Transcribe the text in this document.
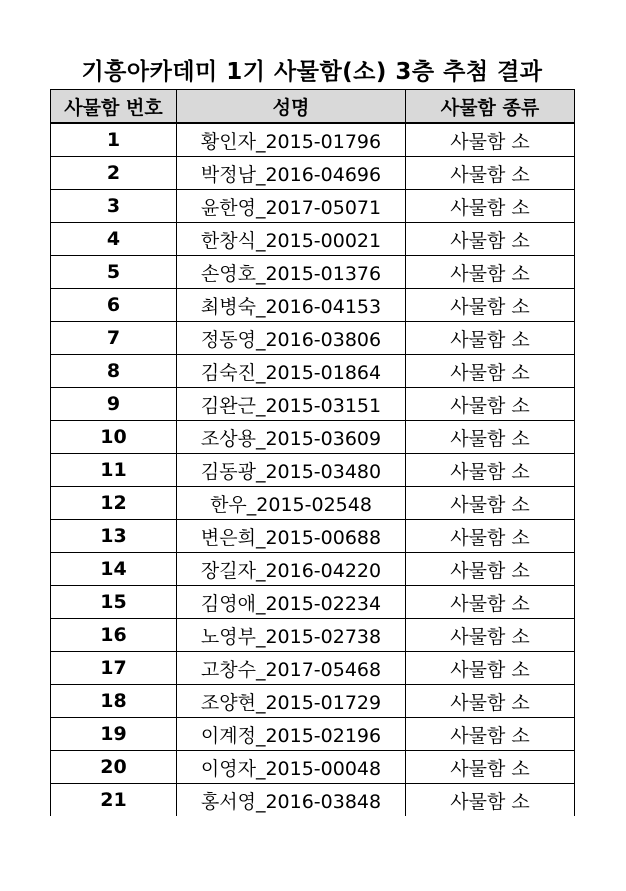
기흥아카데미 1기 사물함(소) 3층 추첨 결과
사물함 번호	성명	사물함 종류
1	황인자_2015-01796	사물함 소
2	박정남_2016-04696	사물함 소
3	윤한영_2017-05071	사물함 소
4	한창식_2015-00021	사물함 소
5	손영호_2015-01376	사물함 소
6	최병숙_2016-04153	사물함 소
7	정동영_2016-03806	사물함 소
8	김숙진_2015-01864	사물함 소
9	김완근_2015-03151	사물함 소
10	조상용_2015-03609	사물함 소
11	김동광_2015-03480	사물함 소
12	한우_2015-02548	사물함 소
13	변은희_2015-00688	사물함 소
14	장길자_2016-04220	사물함 소
15	김영애_2015-02234	사물함 소
16	노영부_2015-02738	사물함 소
17	고창수_2017-05468	사물함 소
18	조양현_2015-01729	사물함 소
19	이계정_2015-02196	사물함 소
20	이영자_2015-00048	사물함 소
21	홍서영_2016-03848	사물함 소
